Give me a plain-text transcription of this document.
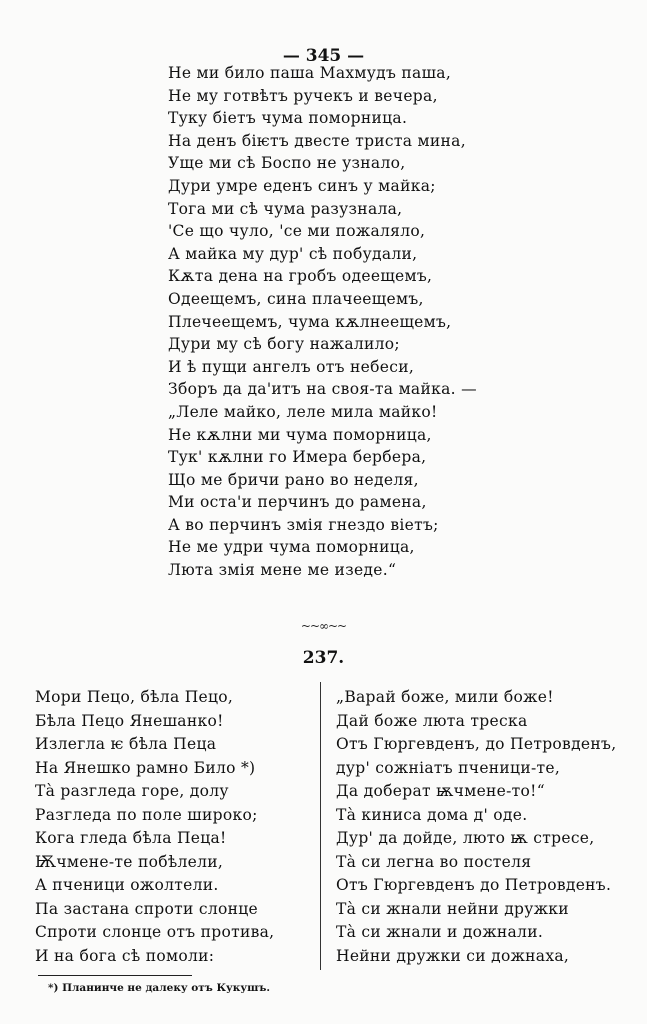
— 345 —
Не ми било паша Махмудъ паша,
Не му готвѣтъ ручекъ и вечера,
Туку біетъ чума поморница.
На денъ біѥтъ двесте триста мина,
Уще ми сѣ Боспо не узнало,
Дури умре еденъ синъ у майка;
Тога ми сѣ чума разузнала,
'Се що чуло, 'се ми пожаляло,
А майка му дур' сѣ побудали,
Кѫта дена на гробъ одеещемъ,
Одеещемъ, сина плачеещемъ,
Плечеещемъ, чума кѫлнеещемъ,
Дури му сѣ богу нажалило;
И ѣ пущи ангелъ отъ небеси,
Зборъ да да'итъ на своя-та майка. —
„Леле майко, леле мила майко!
Не кѫлни ми чума поморница,
Тук' кѫлни го Имера бербера,
Що ме бричи рано во неделя,
Ми оста'и перчинъ до рамена,
А во перчинъ змія гнездо віетъ;
Не ме удри чума поморница,
Люта змія мене ме изеде.“
~~∞~~
237.
Мори Пецо, бѣла Пецо,
Бѣла Пецо Янешанко!
Излегла ѥ бѣла Пеца
На Янешко рамно Било *)
Тà разгледа горе, долу
Разгледа по поле широко;
Кога гледа бѣла Пеца!
Ѭчмене-те побѣлели,
А пченици ожолтели.
Па застана спроти слонце
Спроти слонце отъ противa,
И на бога сѣ помоли:
„Варай боже, мили боже!
Дай боже люта треска
Отъ Гюргевденъ, до Петровденъ,
дур' сожніатъ пченици-те,
Да доберат ѭчмене-то!“
Тà киниса дома д' оде.
Дур' да дойде, люто ѭ стресе,
Тà си легна во постеля
Отъ Гюргевденъ до Петровденъ.
Тà си жнали нейни дружки
Тà си жнали и дожнали.
Нейни дружки си дожнаха,
*) Планинче не далеку отъ Кукушъ.
